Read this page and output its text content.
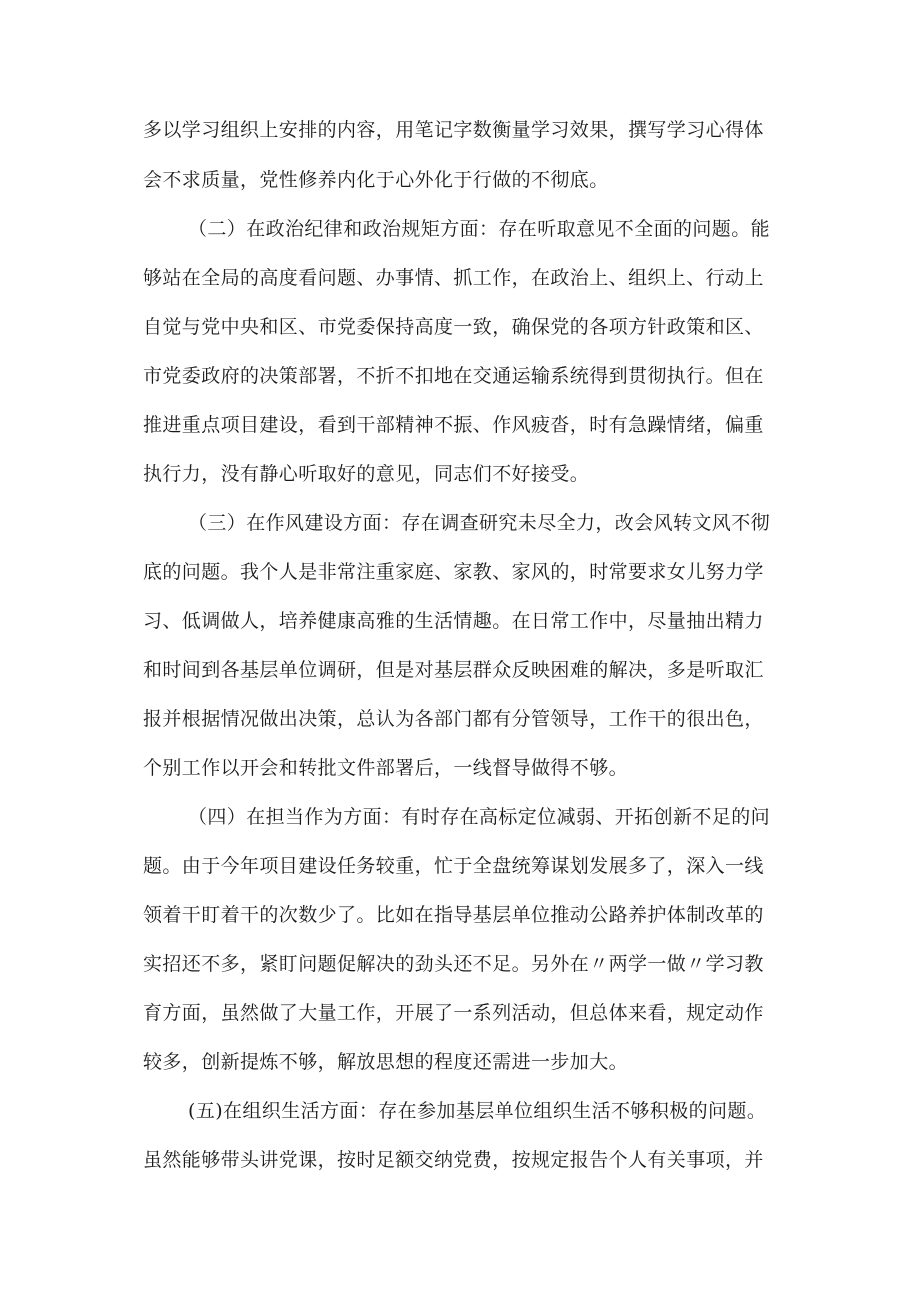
多以学习组织上安排的内容，用笔记字数衡量学习效果，撰写学习心得体
会不求质量，党性修养内化于心外化于行做的不彻底。
（二）在政治纪律和政治规矩方面：存在听取意见不全面的问题。能
够站在全局的高度看问题、办事情、抓工作，在政治上、组织上、行动上
自觉与党中央和区、市党委保持高度一致，确保党的各项方针政策和区、
市党委政府的决策部署，不折不扣地在交通运输系统得到贯彻执行。但在
推进重点项目建设，看到干部精神不振、作风疲沓，时有急躁情绪，偏重
执行力，没有静心听取好的意见，同志们不好接受。
（三）在作风建设方面：存在调查研究未尽全力，改会风转文风不彻
底的问题。我个人是非常注重家庭、家教、家风的，时常要求女儿努力学
习、低调做人，培养健康高雅的生活情趣。在日常工作中，尽量抽出精力
和时间到各基层单位调研，但是对基层群众反映困难的解决，多是听取汇
报并根据情况做出决策，总认为各部门都有分管领导，工作干的很出色，
个别工作以开会和转批文件部署后，一线督导做得不够。
（四）在担当作为方面：有时存在高标定位减弱、开拓创新不足的问
题。由于今年项目建设任务较重，忙于全盘统筹谋划发展多了，深入一线
领着干盯着干的次数少了。比如在指导基层单位推动公路养护体制改革的
实招还不多，紧盯问题促解决的劲头还不足。另外在〃两学一做〃学习教
育方面，虽然做了大量工作，开展了一系列活动，但总体来看，规定动作
较多，创新提炼不够，解放思想的程度还需进一步加大。
(五)在组织生活方面：存在参加基层单位组织生活不够积极的问题。
虽然能够带头讲党课，按时足额交纳党费，按规定报告个人有关事项，并
